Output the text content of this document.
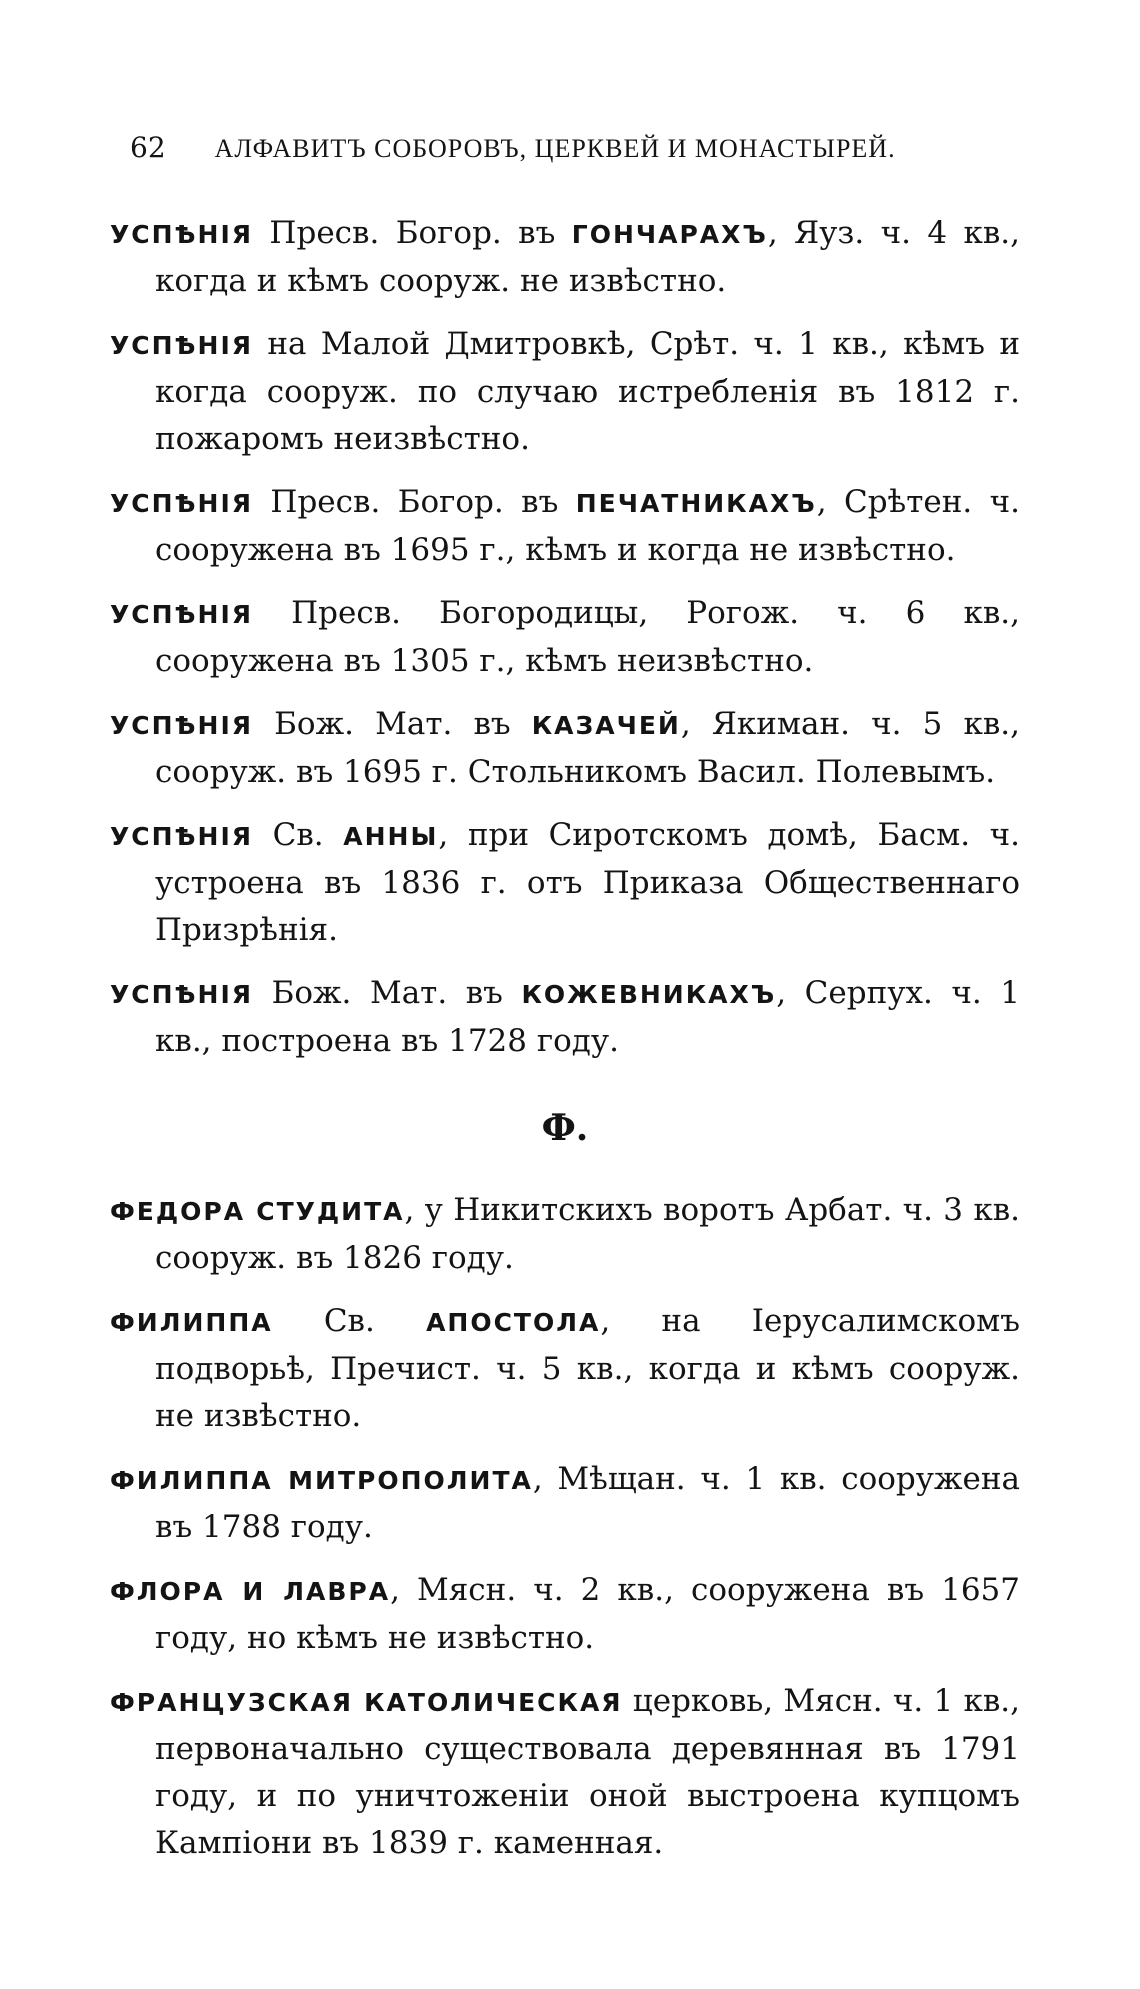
62 АЛФАВИТЪ СОБОРОВЪ, ЦЕРКВЕЙ И МОНАСТЫРЕЙ.

УСПѢНІЯ Пресв. Богор. въ ГОНЧАРАХЪ, Яуз. ч. 4 кв., когда и кѣмъ сооруж. не извѣстно.

УСПѢНІЯ на Малой Дмитровкѣ, Срѣт. ч. 1 кв., кѣмъ и когда сооруж. по случаю истребленія въ 1812 г. пожаромъ неизвѣстно.

УСПѢНІЯ Пресв. Богор. въ ПЕЧАТНИКАХЪ, Срѣтен. ч. сооружена въ 1695 г., кѣмъ и когда не извѣстно.

УСПѢНІЯ Пресв. Богородицы, Рогож. ч. 6 кв., сооружена въ 1305 г., кѣмъ неизвѣстно.

УСПѢНІЯ Бож. Мат. въ КАЗАЧЕЙ, Якиман. ч. 5 кв., сооруж. въ 1695 г. Стольникомъ Васил. Полевымъ.

УСПѢНІЯ Св. АННЫ, при Сиротскомъ домѣ, Басм. ч. устроена въ 1836 г. отъ Приказа Общественнаго Призрѣнія.

УСПѢНІЯ Бож. Мат. въ КОЖЕВНИКАХЪ, Серпух. ч. 1 кв., построена въ 1728 году.

Ф.

ФЕДОРА СТУДИТА, у Никитскихъ воротъ Арбат. ч. 3 кв. сооруж. въ 1826 году.

ФИЛИППА Св. АПОСТОЛА, на Іерусалимскомъ подворьѣ, Пречист. ч. 5 кв., когда и кѣмъ сооруж. не извѣстно.

ФИЛИППА МИТРОПОЛИТА, Мѣщан. ч. 1 кв. сооружена въ 1788 году.

ФЛОРА И ЛАВРА, Мясн. ч. 2 кв., сооружена въ 1657 году, но кѣмъ не извѣстно.

ФРАНЦУЗСКАЯ КАТОЛИЧЕСКАЯ церковь, Мясн. ч. 1 кв., первоначально существовала деревянная въ 1791 году, и по уничтоженіи оной выстроена купцомъ Кампіони въ 1839 г. каменная.
